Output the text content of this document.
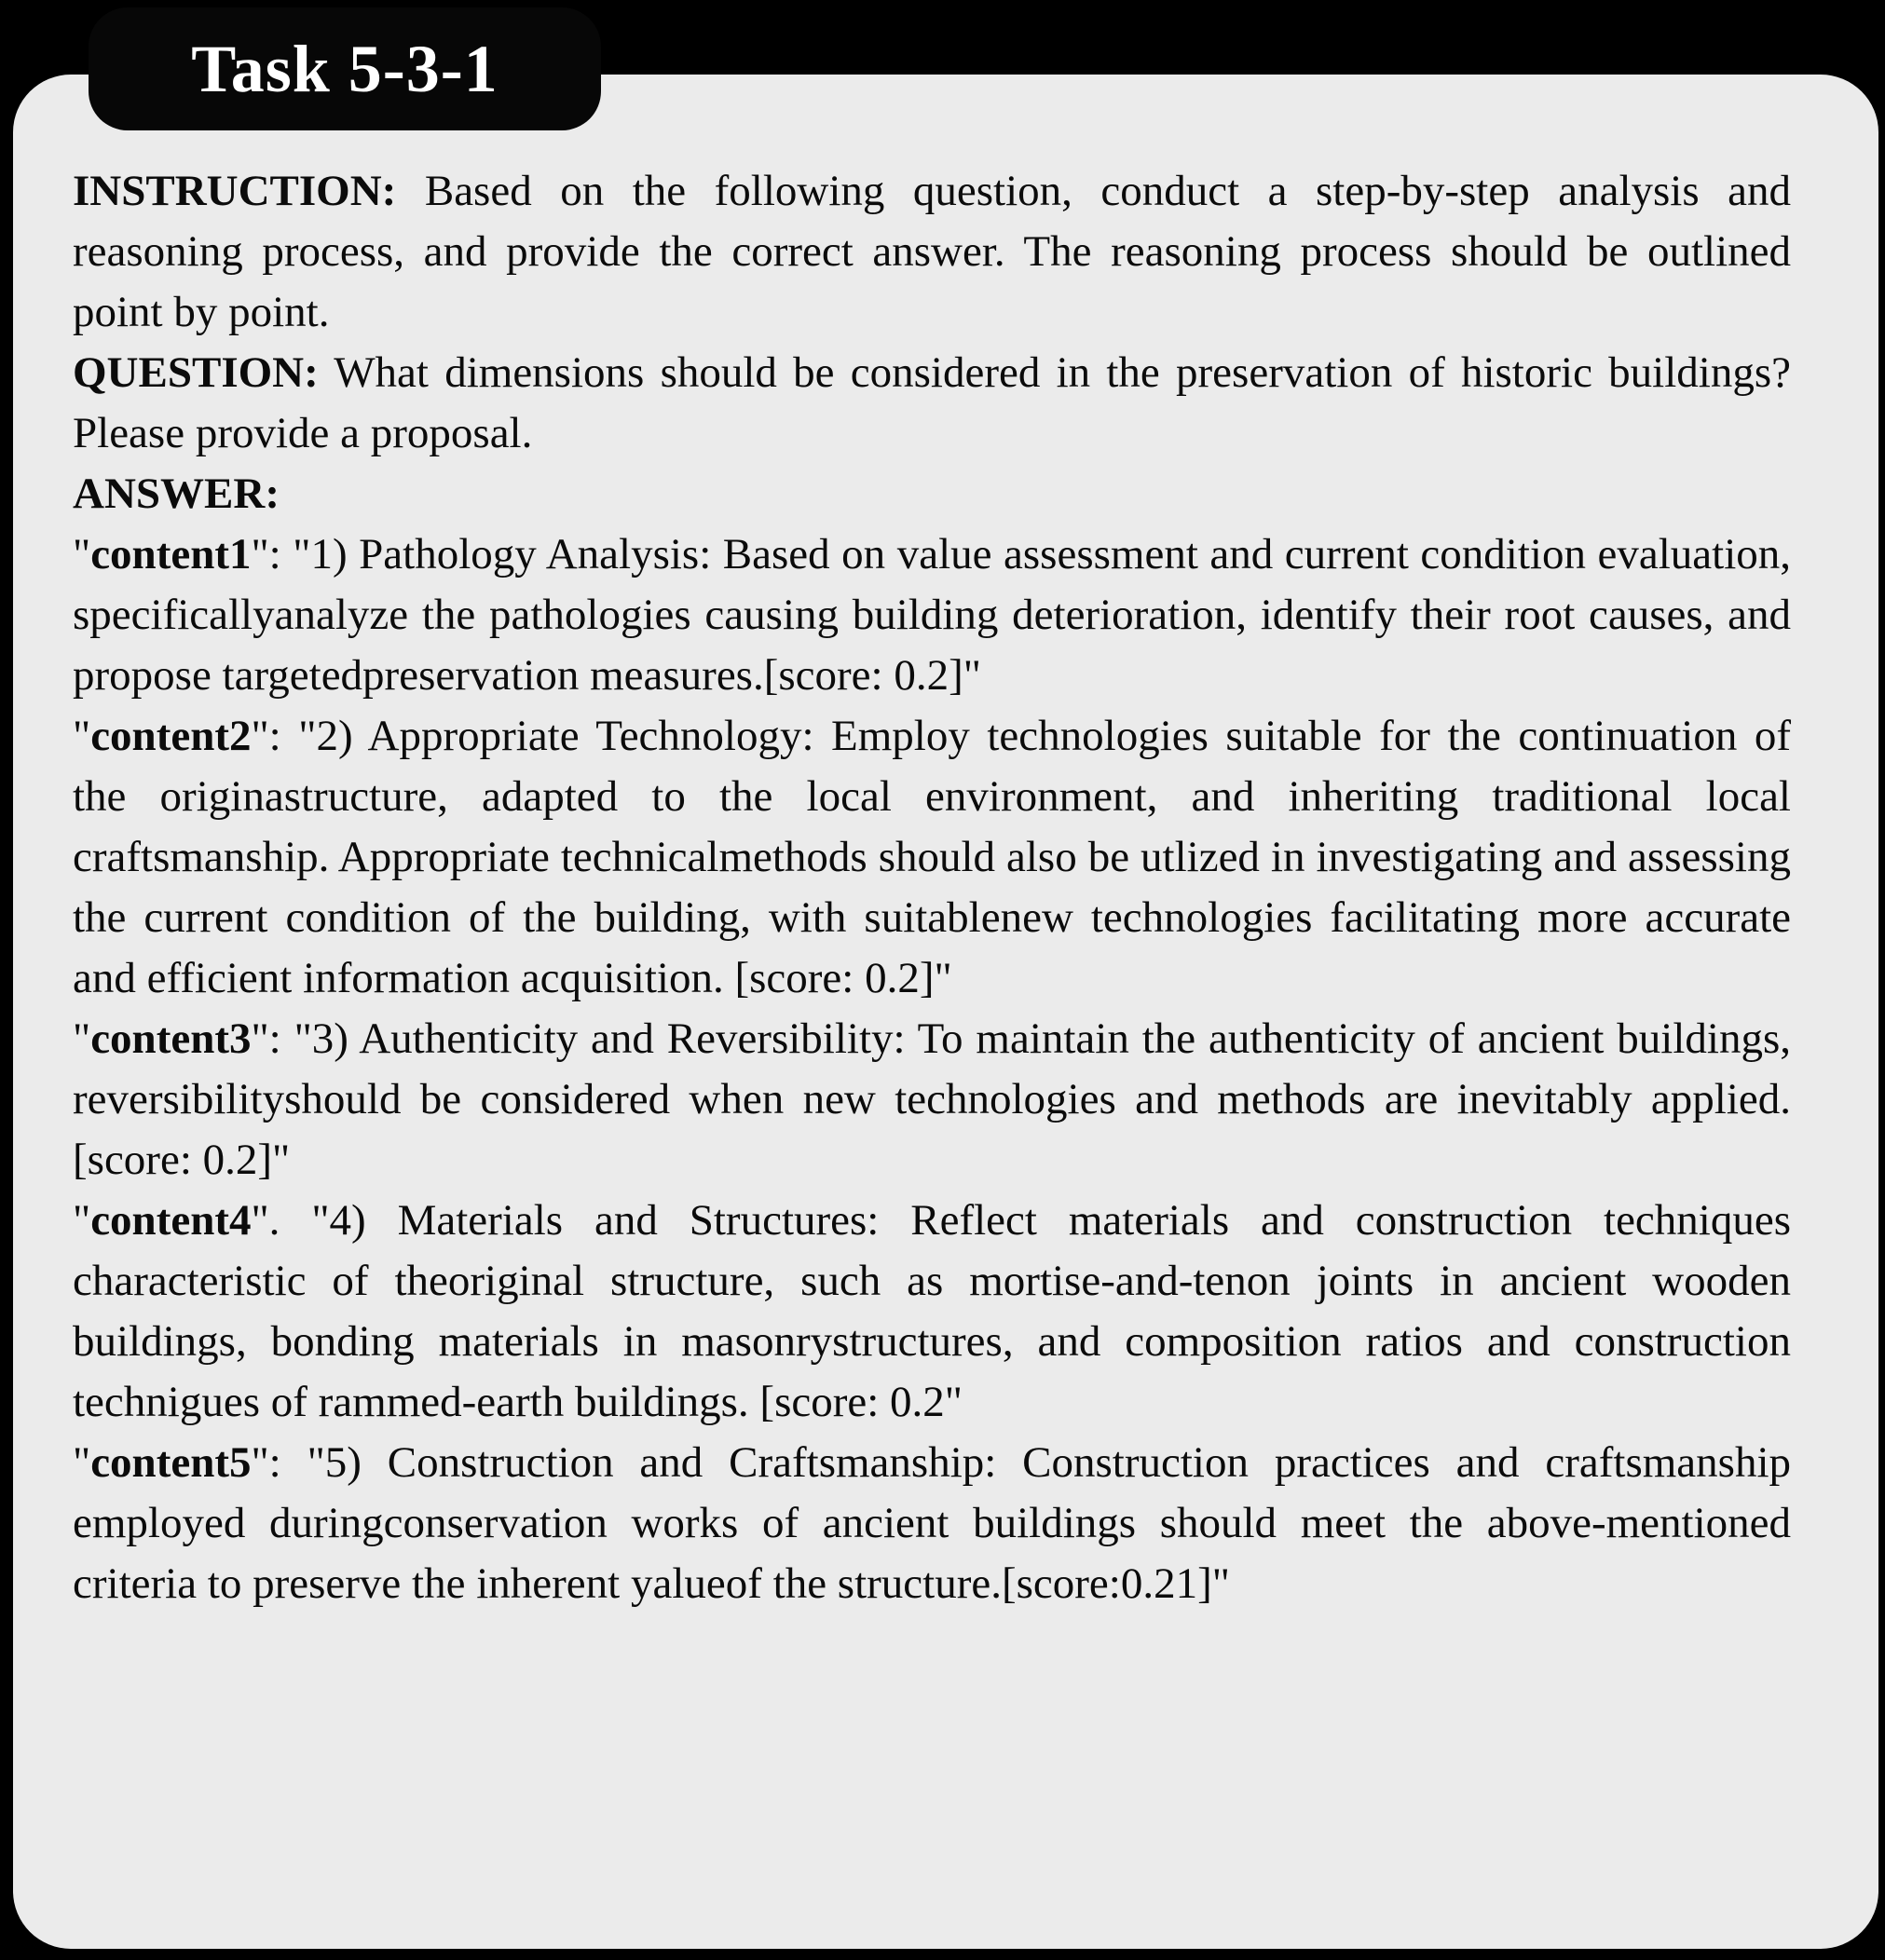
Task 5-3-1

INSTRUCTION: Based on the following question, conduct a step-by-step analysis and reasoning process, and provide the correct answer. The reasoning process should be outlined point by point.

QUESTION: What dimensions should be considered in the preservation of historic buildings? Please provide a proposal.

ANSWER:

"content1": "1) Pathology Analysis: Based on value assessment and current condition evaluation, specificallyanalyze the pathologies causing building deterioration, identify their root causes, and propose targetedpreservation measures.[score: 0.2]"

"content2": "2) Appropriate Technology: Employ technologies suitable for the continuation of the originastructure, adapted to the local environment, and inheriting traditional local craftsmanship. Appropriate technicalmethods should also be utlized in investigating and assessing the current condition of the building, with suitablenew technologies facilitating more accurate and efficient information acquisition. [score: 0.2]"

"content3": "3) Authenticity and Reversibility: To maintain the authenticity of ancient buildings, reversibilityshould be considered when new technologies and methods are inevitably applied. [score: 0.2]"

"content4". "4) Materials and Structures: Reflect materials and construction techniques characteristic of theoriginal structure, such as mortise-and-tenon joints in ancient wooden buildings, bonding materials in masonrystructures, and composition ratios and construction technigues of rammed-earth buildings. [score: 0.2"

"content5": "5) Construction and Craftsmanship: Construction practices and craftsmanship employed duringconservation works of ancient buildings should meet the above-mentioned criteria to preserve the inherent yalueof the structure.[score:0.21]"
